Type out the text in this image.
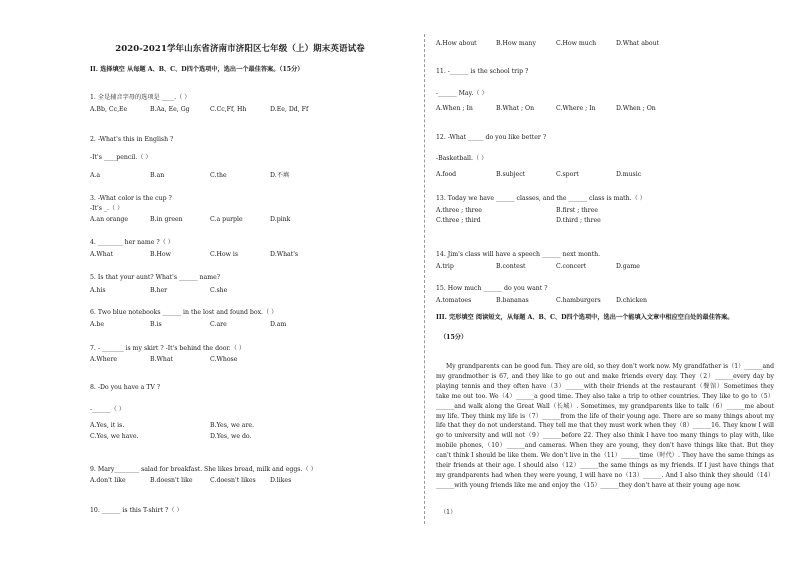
2020-2021学年山东省济南市济阳区七年级（上）期末英语试卷
II. 选择填空 从每题 A、B、C、D四个选项中，选出一个最佳答案。（15分）
1. 全是辅音字母的选项是 ____.（ ）
A.Bb, Cc,Ee	B.Aa, Ee, Gg	C.Cc,Ff, Hh	D.Ee, Dd, Ff
2. -What's this in English ?
-It's ____pencil.（ ）
A.a	B.an	C.the	D.不填
3. -What color is the cup ?
-It's _.（ ）
A.an orange	B.in green	C.a purple	D.pink
4. ________ her name ?（ ）
A.What	B.How	C.How is	D.What's
5. Is that your aunt? What's ______ name?
A.his	B.her	C.she
6. Two blue notebooks ______ in the lost and found box.（ ）
A.be	B.is	C.are	D.am
7. - _______ is my skirt ? -It's behind the door.（ ）
A.Where	B.What	C.Whose
8. -Do you have a TV ?
-______（ ）
A.Yes, it is.	B.Yes, we are.
C.Yes, we have.	D.Yes, we do.
9. Mary________ salad for breakfast. She likes bread, milk and eggs.（ ）
A.don't like	B.doesn't like	C.doesn't likes D.likes
10. ______ is this T-shirt ?（ ）
A.How about	B.How many	C.How much	D.What about
11. -______ is the school trip ?
-______ May.（ ）
A.When ; In	B.What ; On	C.Where ; In	D.When ; On
12. -What _____ do you like better ?
-Basketball.（ ）
A.food	B.subject	C.sport	D.music
13. Today we have ______ classes, and the ______ class is math.（ ）
A.three ; three	B.first ; three
C.three ; third	D.third ; three
14. Jim's class will have a speech ______ next month.
A.trip	B.contest	C.concert	D.game
15. How much ______ do you want ?
A.tomatoes	B.bananas	C.hamburgers D.chicken
III. 完形填空 阅读短文，从每题 A、B、C、D四个选项中，选出一个能填入文章中相应空白处的最佳答案。
（15分）
My grandparents can be good fun. They are old, so they don't work now. My grandfather is（1）______and my grandmother is 67, and they like to go out and make friends every day. They（2）______every day by playing tennis and they often have（3）______with their friends at the restaurant（餐馆）Sometimes they take me out too. We（4）______a good time. They also take a trip to other countries. They like to go to（5）______and walk along the Great Wall（长城）. Sometimes, my grandparents like to talk（6）______me about my life. They think my life is（7）______from the life of their young age. There are so many things about my life that they do not understand. They tell me that they must work when they（8）______16. They know I will go to university and will not（9）______before 22. They also think I have too many things to play with, like mobile phones,（10）______and cameras. When they are young, they don't have things like that. But they can't think I should be like them. We don't live in the（11）______time（时代）. They have the same things as their friends at their age. I should also（12）______the same things as my friends. If I just have things that my grandparents had when they were young, I will have no（13）______. And I also think they should（14）______with young friends like me and enjoy the（15）______they don't have at their young age now.
（1）
